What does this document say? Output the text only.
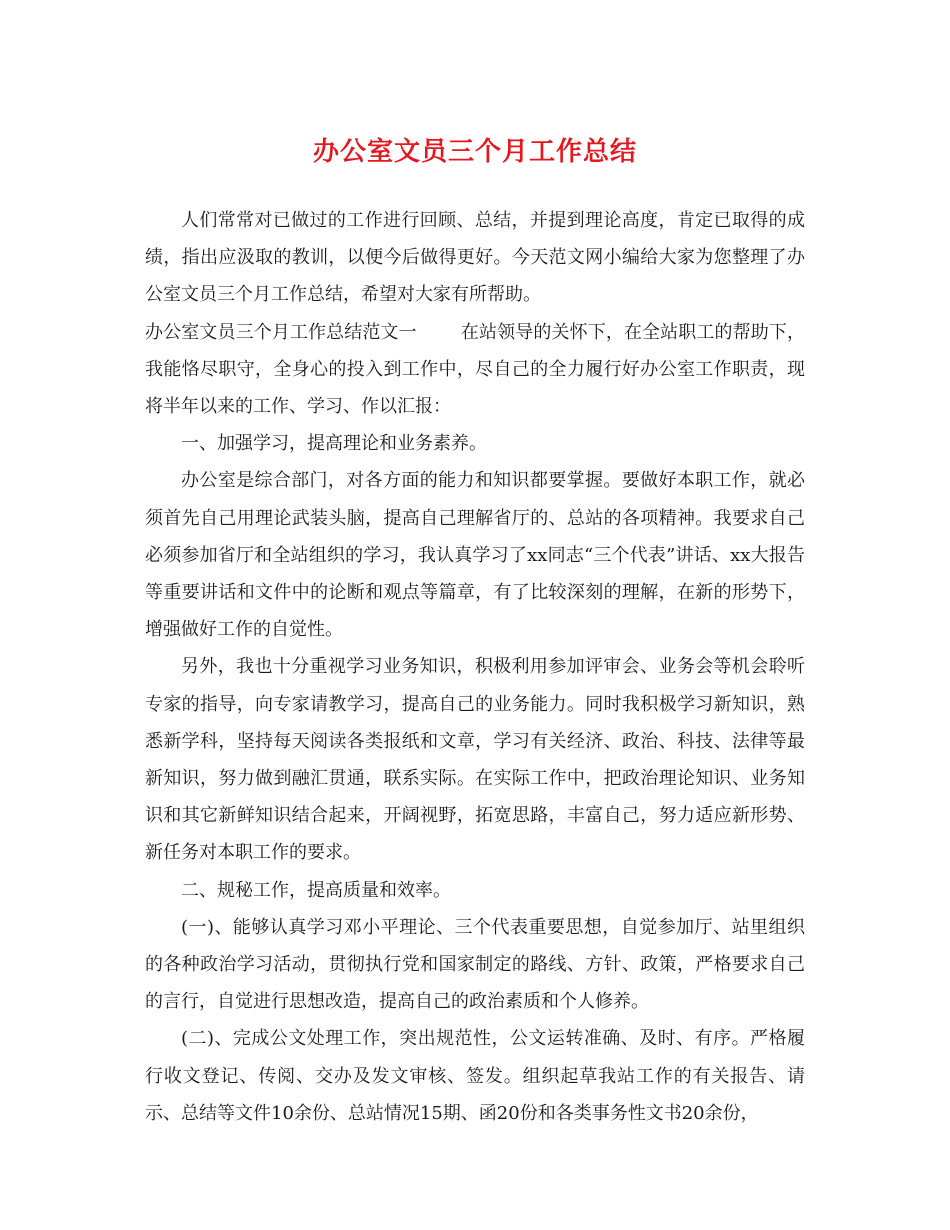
办公室文员三个月工作总结

人们常常对已做过的工作进行回顾、总结，并提到理论高度，肯定已取得的成绩，指出应汲取的教训，以便今后做得更好。今天范文网小编给大家为您整理了办公室文员三个月工作总结，希望对大家有所帮助。

办公室文员三个月工作总结范文一 在站领导的关怀下，在全站职工的帮助下，我能恪尽职守，全身心的投入到工作中，尽自己的全力履行好办公室工作职责，现将半年以来的工作、学习、作以汇报：

一、加强学习，提高理论和业务素养。

办公室是综合部门，对各方面的能力和知识都要掌握。要做好本职工作，就必须首先自己用理论武装头脑，提高自己理解省厅的、总站的各项精神。我要求自己必须参加省厅和全站组织的学习，我认真学习了xx同志“三个代表”讲话、xx大报告等重要讲话和文件中的论断和观点等篇章，有了比较深刻的理解，在新的形势下，增强做好工作的自觉性。

另外，我也十分重视学习业务知识，积极利用参加评审会、业务会等机会聆听专家的指导，向专家请教学习，提高自己的业务能力。同时我积极学习新知识，熟悉新学科，坚持每天阅读各类报纸和文章，学习有关经济、政治、科技、法律等最新知识，努力做到融汇贯通，联系实际。在实际工作中，把政治理论知识、业务知识和其它新鲜知识结合起来，开阔视野，拓宽思路，丰富自己，努力适应新形势、新任务对本职工作的要求。

二、规秘工作，提高质量和效率。

(一)、能够认真学习邓小平理论、三个代表重要思想，自觉参加厅、站里组织的各种政治学习活动，贯彻执行党和国家制定的路线、方针、政策，严格要求自己的言行，自觉进行思想改造，提高自己的政治素质和个人修养。

(二)、完成公文处理工作，突出规范性，公文运转准确、及时、有序。严格履行收文登记、传阅、交办及发文审核、签发。组织起草我站工作的有关报告、请示、总结等文件10余份、总站情况15期、函20份和各类事务性文书20余份，
